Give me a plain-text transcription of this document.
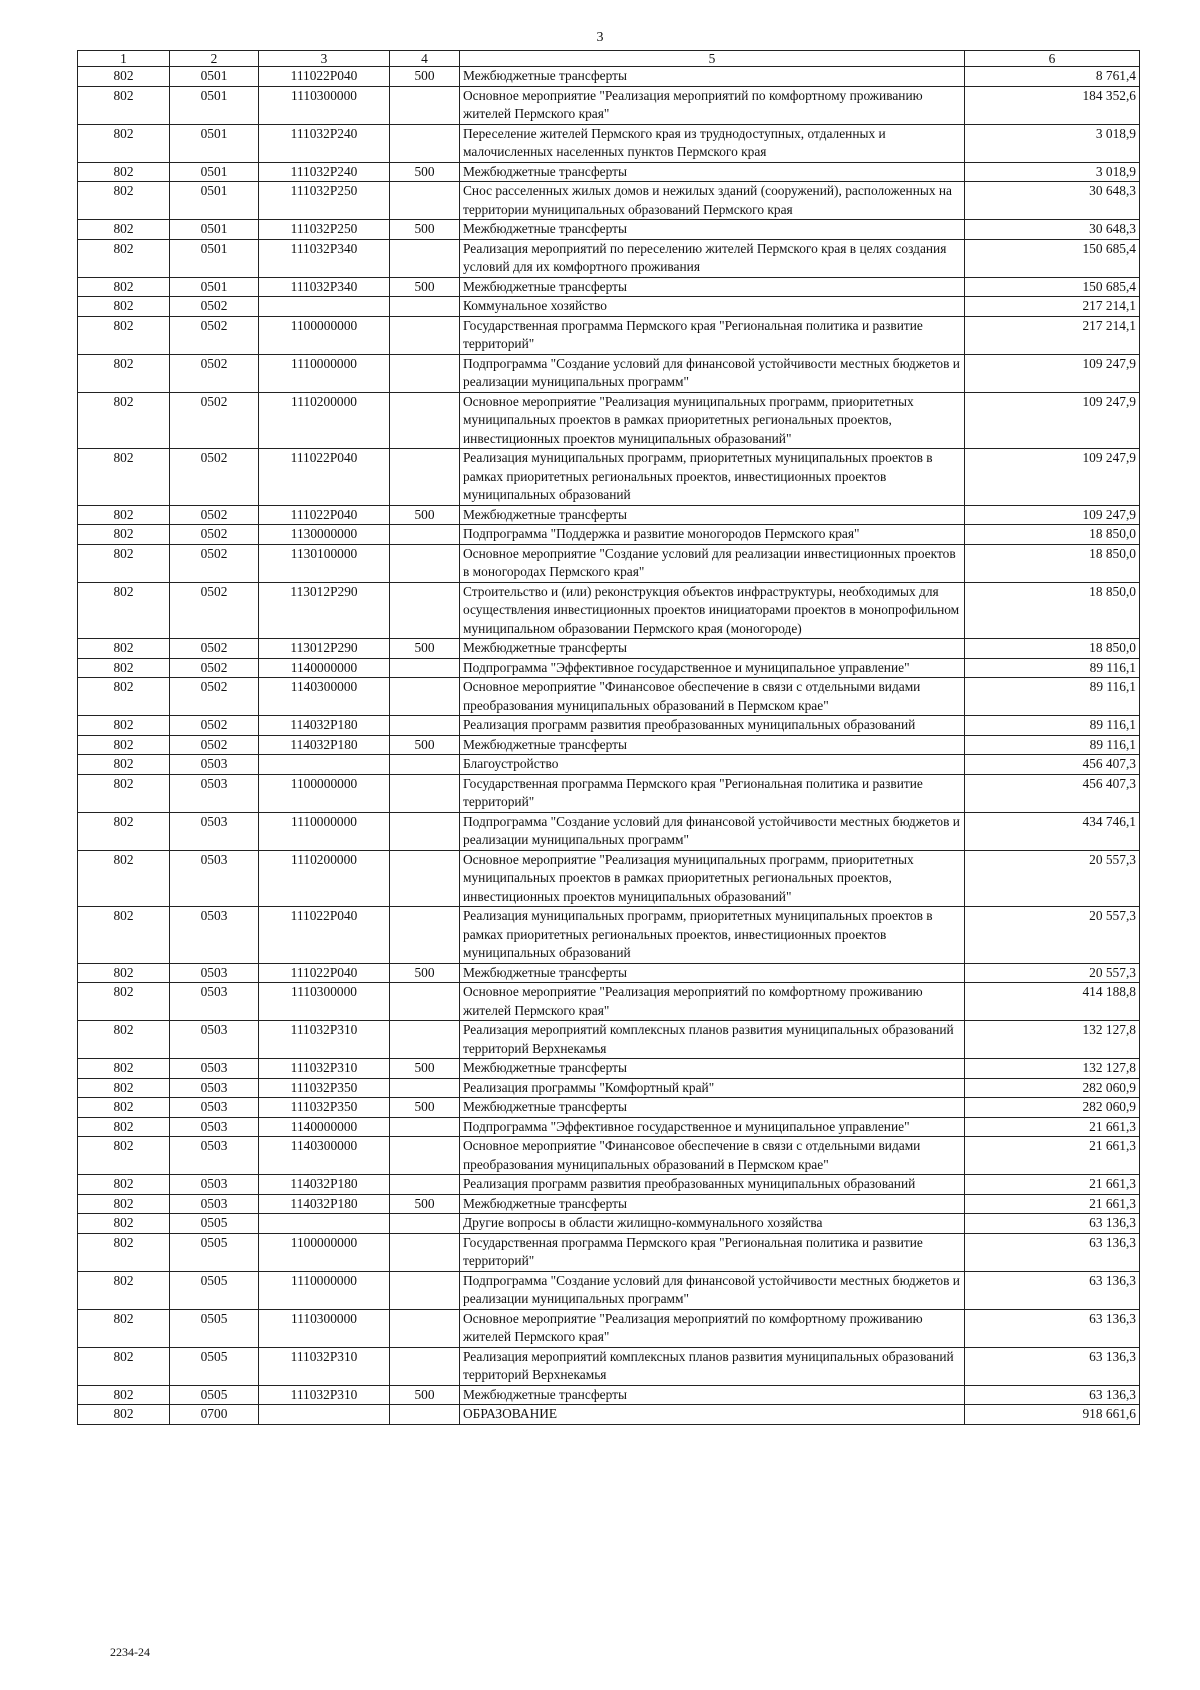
3
1	2	3	4	5	6
802	0501	111022P040	500	Межбюджетные трансферты	8 761,4
802	0501	1110300000		Основное мероприятие "Реализация мероприятий по комфортному проживанию жителей Пермского края"	184 352,6
802	0501	111032P240		Переселение жителей Пермского края из труднодоступных, отдаленных и малочисленных населенных пунктов Пермского края	3 018,9
802	0501	111032P240	500	Межбюджетные трансферты	3 018,9
802	0501	111032P250		Снос расселенных жилых домов и нежилых зданий (сооружений), расположенных на территории муниципальных образований Пермского края	30 648,3
802	0501	111032P250	500	Межбюджетные трансферты	30 648,3
802	0501	111032P340		Реализация мероприятий по переселению жителей Пермского края в целях создания условий для их комфортного проживания	150 685,4
802	0501	111032P340	500	Межбюджетные трансферты	150 685,4
802	0502			Коммунальное хозяйство	217 214,1
802	0502	1100000000		Государственная программа Пермского края "Региональная политика и развитие территорий"	217 214,1
802	0502	1110000000		Подпрограмма "Создание условий для финансовой устойчивости местных бюджетов и реализации муниципальных программ"	109 247,9
802	0502	1110200000		Основное мероприятие "Реализация муниципальных программ, приоритетных муниципальных проектов в рамках приоритетных региональных проектов, инвестиционных проектов муниципальных образований"	109 247,9
802	0502	111022P040		Реализация муниципальных программ, приоритетных муниципальных проектов в рамках приоритетных региональных проектов, инвестиционных проектов муниципальных образований	109 247,9
802	0502	111022P040	500	Межбюджетные трансферты	109 247,9
802	0502	1130000000		Подпрограмма "Поддержка и развитие моногородов Пермского края"	18 850,0
802	0502	1130100000		Основное мероприятие "Создание условий для реализации инвестиционных проектов в моногородах Пермского края"	18 850,0
802	0502	113012P290		Строительство и (или) реконструкция объектов инфраструктуры, необходимых для осуществления инвестиционных проектов инициаторами проектов в монопрофильном муниципальном образовании Пермского края (моногороде)	18 850,0
802	0502	113012P290	500	Межбюджетные трансферты	18 850,0
802	0502	1140000000		Подпрограмма "Эффективное государственное и муниципальное управление"	89 116,1
802	0502	1140300000		Основное мероприятие "Финансовое обеспечение в связи с отдельными видами преобразования муниципальных образований в Пермском крае"	89 116,1
802	0502	114032P180		Реализация программ развития преобразованных муниципальных образований	89 116,1
802	0502	114032P180	500	Межбюджетные трансферты	89 116,1
802	0503			Благоустройство	456 407,3
802	0503	1100000000		Государственная программа Пермского края "Региональная политика и развитие территорий"	456 407,3
802	0503	1110000000		Подпрограмма "Создание условий для финансовой устойчивости местных бюджетов и реализации муниципальных программ"	434 746,1
802	0503	1110200000		Основное мероприятие "Реализация муниципальных программ, приоритетных муниципальных проектов в рамках приоритетных региональных проектов, инвестиционных проектов муниципальных образований"	20 557,3
802	0503	111022P040		Реализация муниципальных программ, приоритетных муниципальных проектов в рамках приоритетных региональных проектов, инвестиционных проектов муниципальных образований	20 557,3
802	0503	111022P040	500	Межбюджетные трансферты	20 557,3
802	0503	1110300000		Основное мероприятие "Реализация мероприятий по комфортному проживанию жителей Пермского края"	414 188,8
802	0503	111032P310		Реализация мероприятий комплексных планов развития муниципальных образований территорий Верхнекамья	132 127,8
802	0503	111032P310	500	Межбюджетные трансферты	132 127,8
802	0503	111032P350		Реализация программы "Комфортный край"	282 060,9
802	0503	111032P350	500	Межбюджетные трансферты	282 060,9
802	0503	1140000000		Подпрограмма "Эффективное государственное и муниципальное управление"	21 661,3
802	0503	1140300000		Основное мероприятие "Финансовое обеспечение в связи с отдельными видами преобразования муниципальных образований в Пермском крае"	21 661,3
802	0503	114032P180		Реализация программ развития преобразованных муниципальных образований	21 661,3
802	0503	114032P180	500	Межбюджетные трансферты	21 661,3
802	0505			Другие вопросы в области жилищно-коммунального хозяйства	63 136,3
802	0505	1100000000		Государственная программа Пермского края "Региональная политика и развитие территорий"	63 136,3
802	0505	1110000000		Подпрограмма "Создание условий для финансовой устойчивости местных бюджетов и реализации муниципальных программ"	63 136,3
802	0505	1110300000		Основное мероприятие "Реализация мероприятий по комфортному проживанию жителей Пермского края"	63 136,3
802	0505	111032P310		Реализация мероприятий комплексных планов развития муниципальных образований территорий Верхнекамья	63 136,3
802	0505	111032P310	500	Межбюджетные трансферты	63 136,3
802	0700			ОБРАЗОВАНИЕ	918 661,6
2234-24
